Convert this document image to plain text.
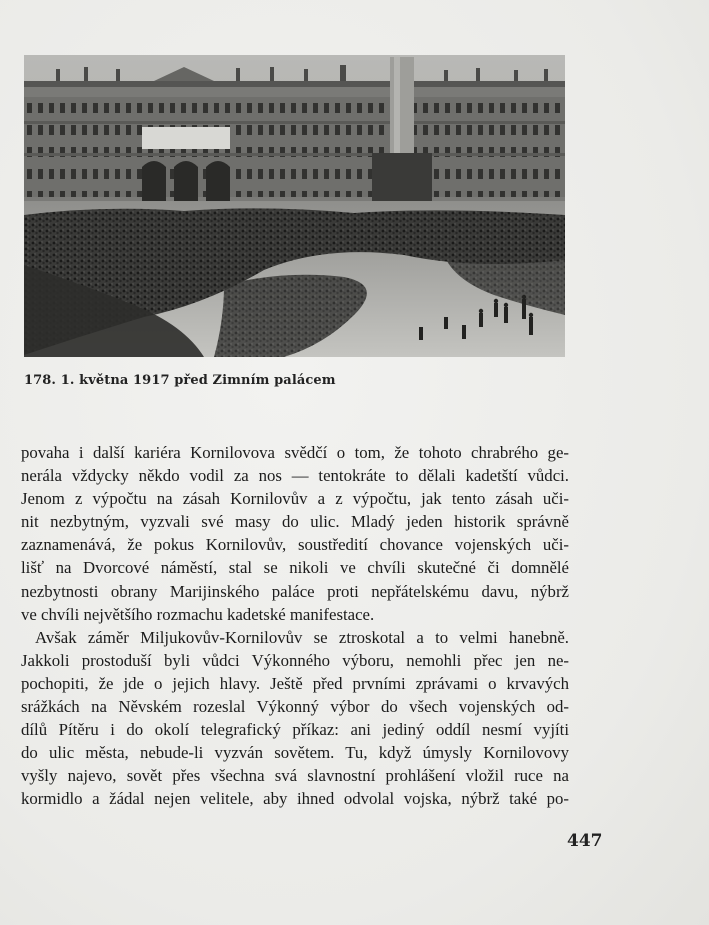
178. 1. května 1917 před Zimním palácem
povaha i další kariéra Kornilovova svědčí o tom, že tohoto chrabrého ge-
nerála vždycky někdo vodil za nos — tentokráte to dělali kadetští vůdci.
Jenom z výpočtu na zásah Kornilovův a z výpočtu, jak tento zásah uči-
nit nezbytným, vyzvali své masy do ulic. Mladý jeden historik správně
zaznamenává, že pokus Kornilovův, soustředití chovance vojenských uči-
lišť na Dvorcové náměstí, stal se nikoli ve chvíli skutečné či domnělé
nezbytnosti obrany Marijinského paláce proti nepřátelskému davu, nýbrž
ve chvíli největšího rozmachu kadetské manifestace.
Avšak záměr Miljukovův-Kornilovův se ztroskotal a to velmi hanebně.
Jakkoli prostoduší byli vůdci Výkonného výboru, nemohli přec jen ne-
pochopiti, že jde o jejich hlavy. Ještě před prvními zprávami o krvavých
srážkách na Něvském rozeslal Výkonný výbor do všech vojenských od-
dílů Pítěru i do okolí telegrafický příkaz: ani jediný oddíl nesmí vyjíti
do ulic města, nebude-li vyzván sovětem. Tu, když úmysly Kornilovovy
vyšly najevo, sovět přes všechna svá slavnostní prohlášení vložil ruce na
kormidlo a žádal nejen velitele, aby ihned odvolal vojska, nýbrž také po-
447
